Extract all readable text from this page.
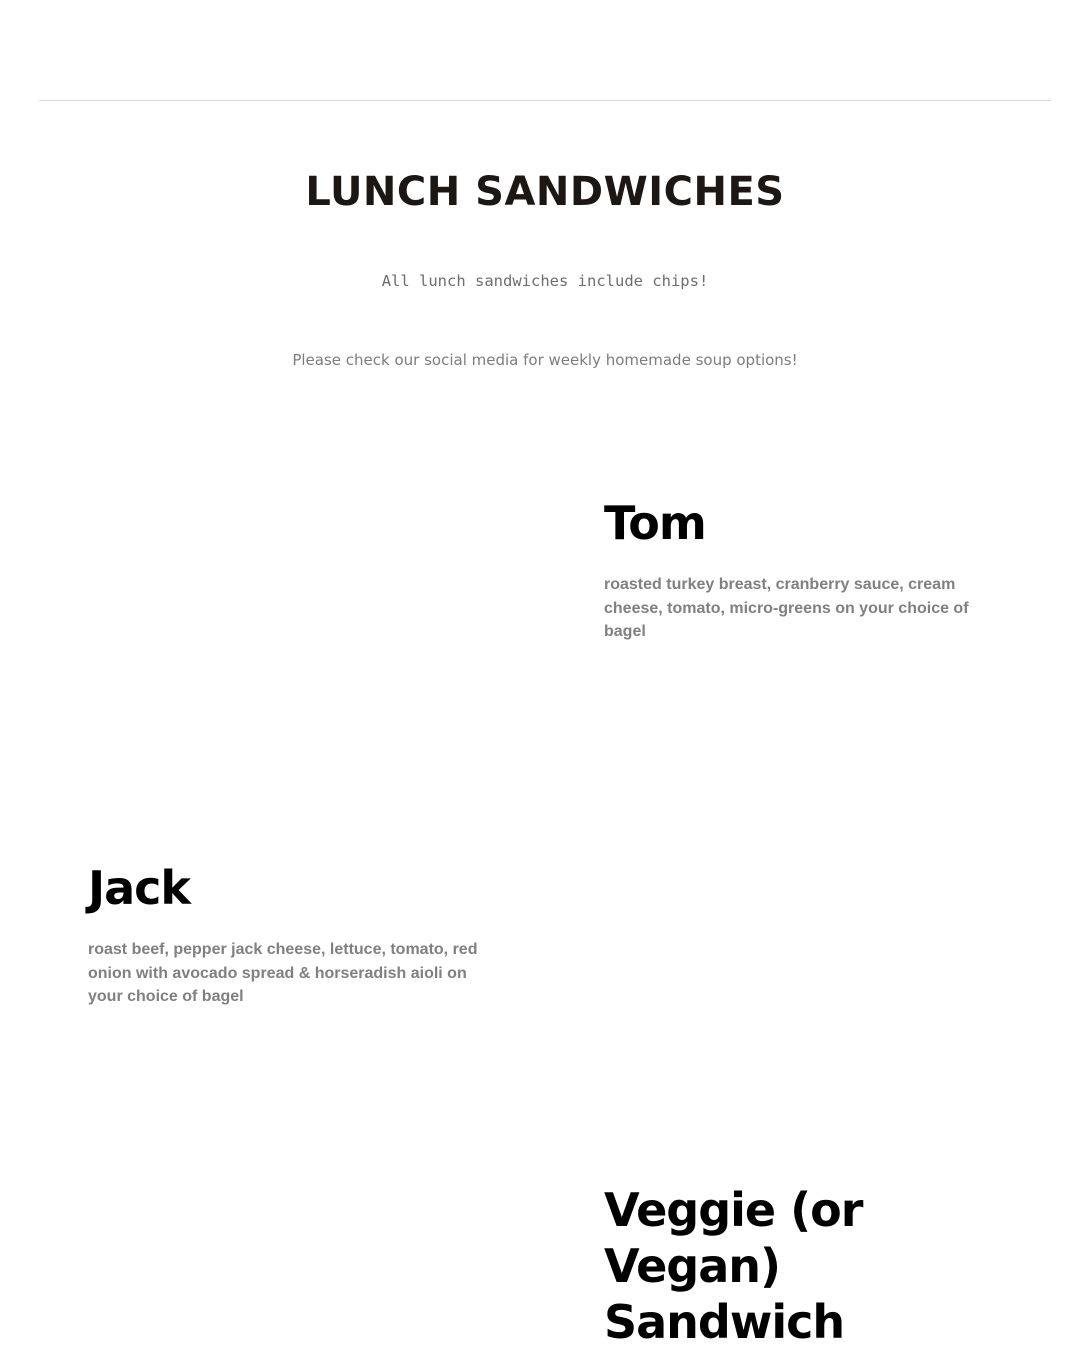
LUNCH SANDWICHES

All lunch sandwiches include chips!

Please check our social media for weekly homemade soup options!

Tom

roasted turkey breast, cranberry sauce, cream cheese, tomato, micro-greens on your choice of bagel

Jack

roast beef, pepper jack cheese, lettuce, tomato, red onion with avocado spread & horseradish aioli on your choice of bagel

Veggie (or Vegan) Sandwich
